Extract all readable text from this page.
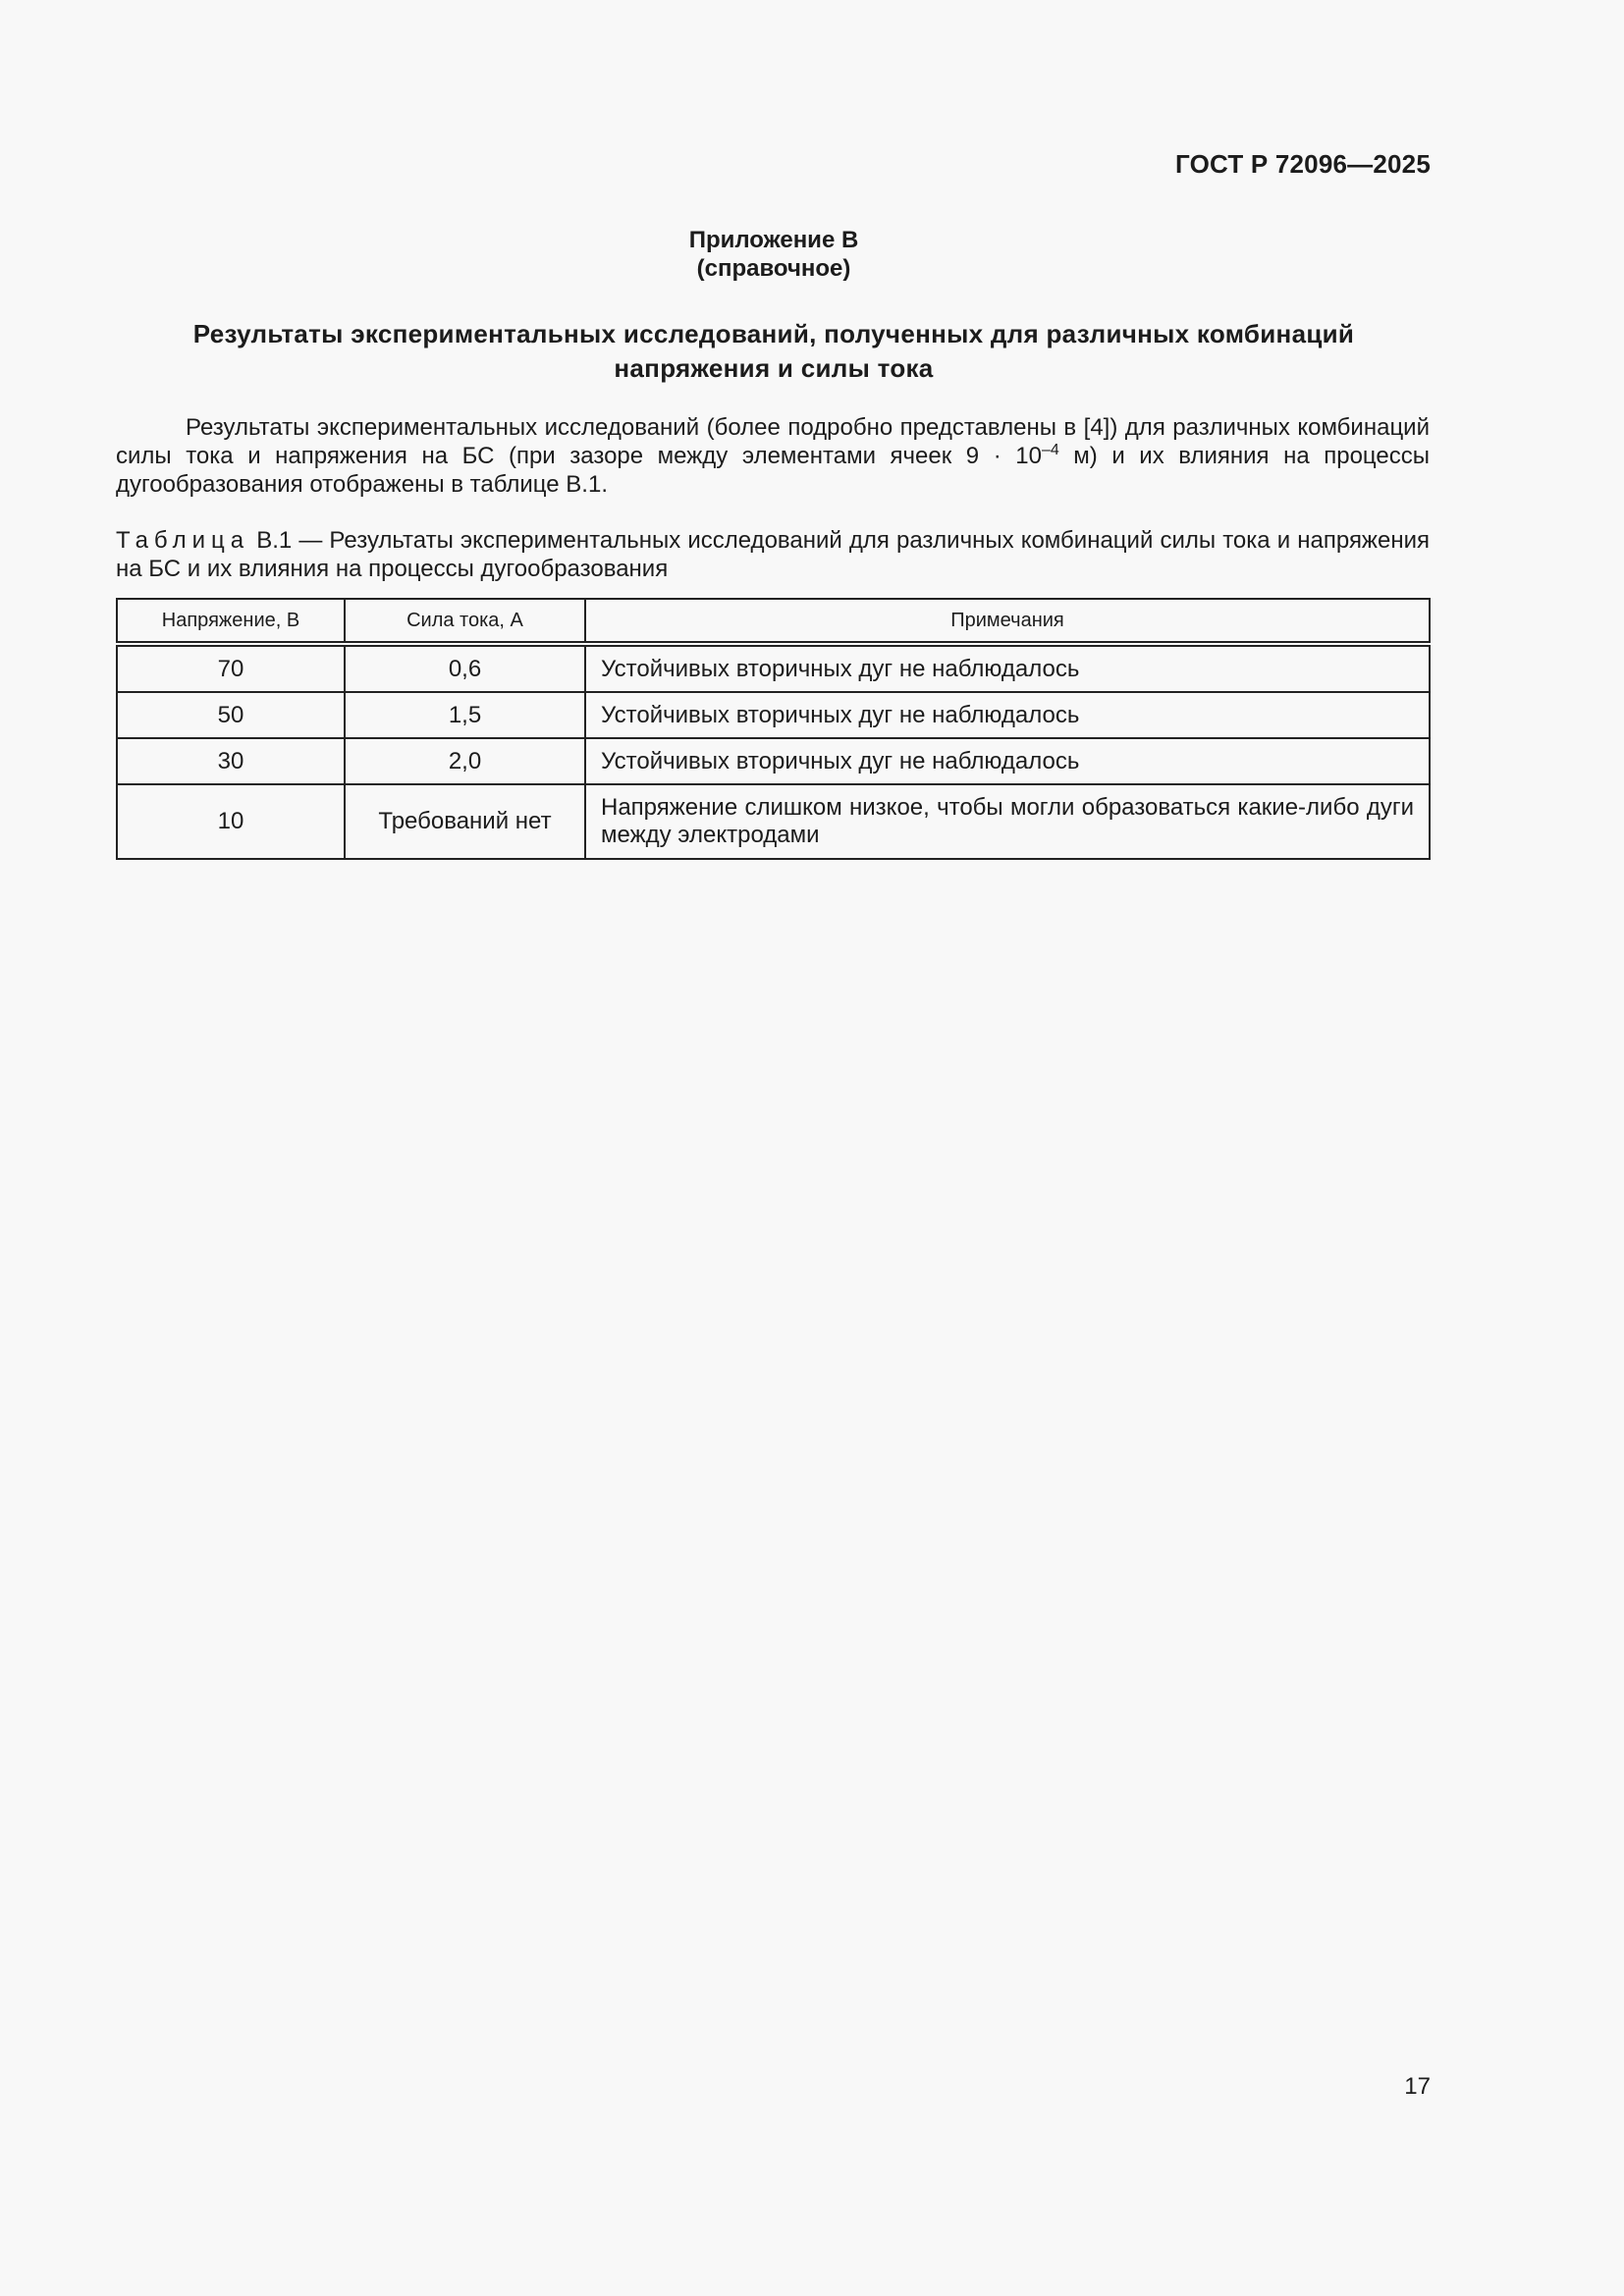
ГОСТ Р 72096—2025
Приложение В
(справочное)
Результаты экспериментальных исследований, полученных для различных комбинаций
напряжения и силы тока

Результаты экспериментальных исследований (более подробно представлены в [4]) для различных комбинаций силы тока и напряжения на БС (при зазоре между элементами ячеек $9 \cdot 10^{-4}$ м) и их влияния на процессы дугообразования отображены в таблице В.1.

Таблица В.1 — Результаты экспериментальных исследований для различных комбинаций силы тока и напряжения на БС и их влияния на процессы дугообразования

Напряжение, В	Сила тока, А	Примечания
70	0,6	Устойчивых вторичных дуг не наблюдалось
50	1,5	Устойчивых вторичных дуг не наблюдалось
30	2,0	Устойчивых вторичных дуг не наблюдалось
10	Требований нет	Напряжение слишком низкое, чтобы могли образоваться какие-либо дуги между электродами
17
